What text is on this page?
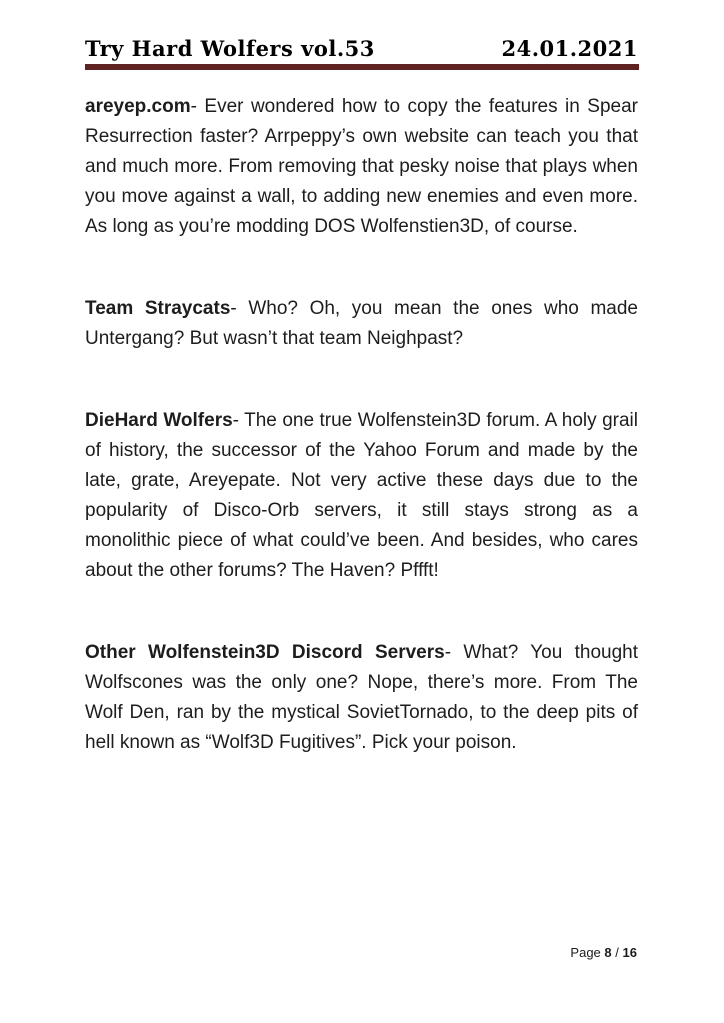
Try Hard Wolfers vol.53	24.01.2021

areyep.com- Ever wondered how to copy the features in Spear Resurrection faster? Arrpeppy’s own website can teach you that and much more. From removing that pesky noise that plays when you move against a wall, to adding new enemies and even more. As long as you’re modding DOS Wolfenstien3D, of course.

Team Straycats- Who? Oh, you mean the ones who made Untergang? But wasn’t that team Neighpast?

DieHard Wolfers- The one true Wolfenstein3D forum. A holy grail of history, the successor of the Yahoo Forum and made by the late, grate, Areyepate. Not very active these days due to the popularity of Disco-Orb servers, it still stays strong as a monolithic piece of what could’ve been. And besides, who cares about the other forums? The Haven? Pffft!

Other Wolfenstein3D Discord Servers- What? You thought Wolfscones was the only one? Nope, there’s more. From The Wolf Den, ran by the mystical SovietTornado, to the deep pits of hell known as “Wolf3D Fugitives”. Pick your poison.

Page 8 / 16
